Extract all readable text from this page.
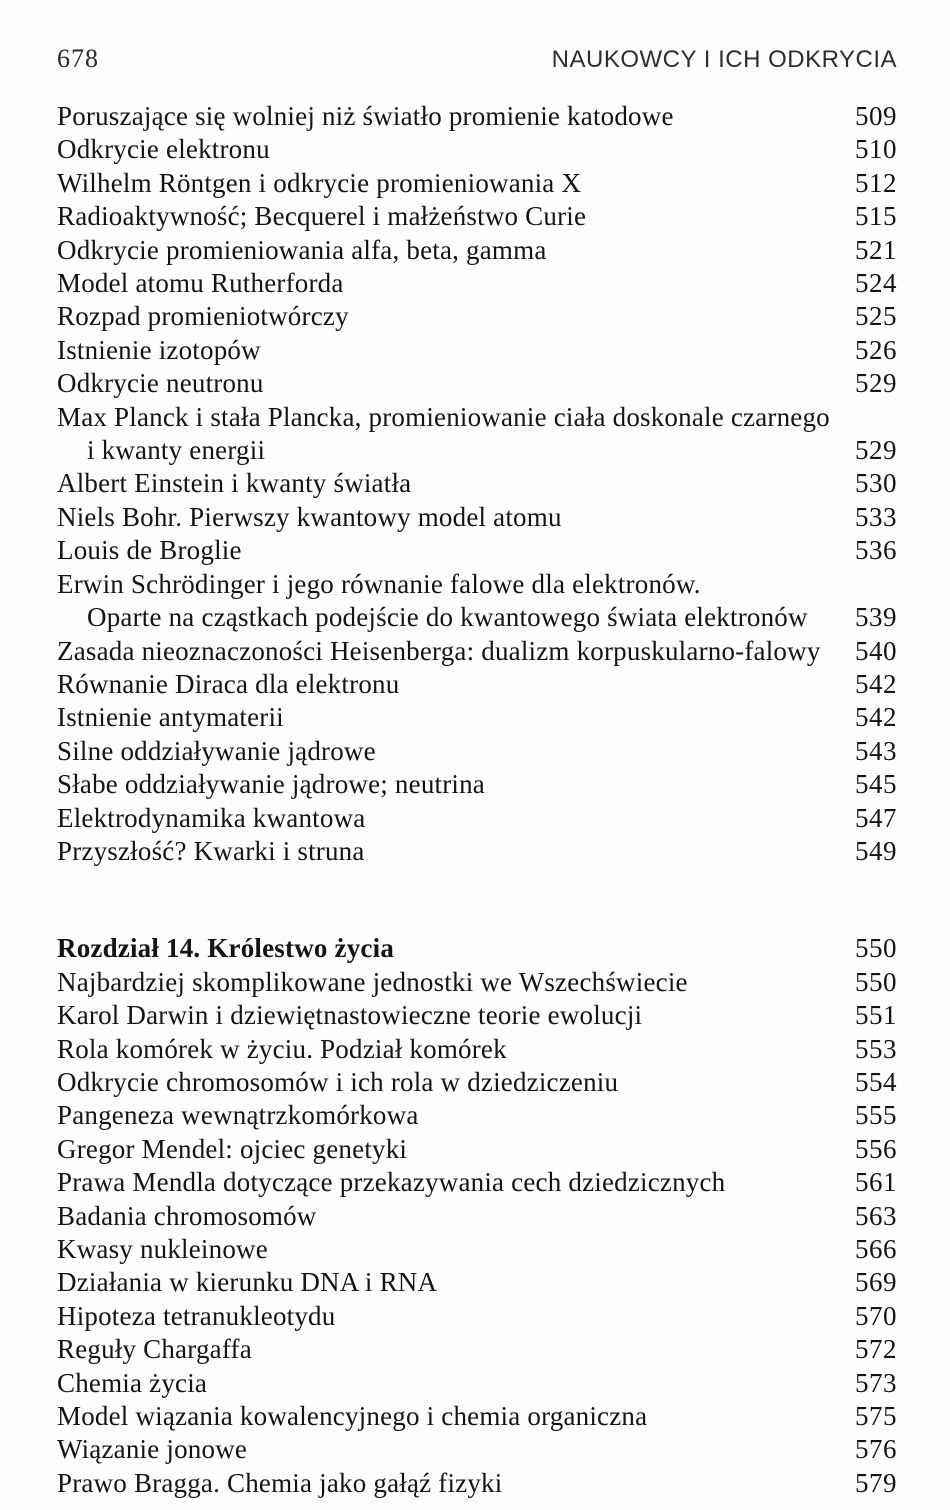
678	NAUKOWCY I ICH ODKRYCIA
Poruszające się wolniej niż światło promienie katodowe	509
Odkrycie elektronu	510
Wilhelm Röntgen i odkrycie promieniowania X	512
Radioaktywność; Becquerel i małżeństwo Curie	515
Odkrycie promieniowania alfa, beta, gamma	521
Model atomu Rutherforda	524
Rozpad promieniotwórczy	525
Istnienie izotopów	526
Odkrycie neutronu	529
Max Planck i stała Plancka, promieniowanie ciała doskonale czarnego
i kwanty energii	529
Albert Einstein i kwanty światła	530
Niels Bohr. Pierwszy kwantowy model atomu	533
Louis de Broglie	536
Erwin Schrödinger i jego równanie falowe dla elektronów.
Oparte na cząstkach podejście do kwantowego świata elektronów	539
Zasada nieoznaczoności Heisenberga: dualizm korpuskularno-falowy	540
Równanie Diraca dla elektronu	542
Istnienie antymaterii	542
Silne oddziaływanie jądrowe	543
Słabe oddziaływanie jądrowe; neutrina	545
Elektrodynamika kwantowa	547
Przyszłość? Kwarki i struna	549
Rozdział 14. Królestwo życia	550
Najbardziej skomplikowane jednostki we Wszechświecie	550
Karol Darwin i dziewiętnastowieczne teorie ewolucji	551
Rola komórek w życiu. Podział komórek	553
Odkrycie chromosomów i ich rola w dziedziczeniu	554
Pangeneza wewnątrzkomórkowa	555
Gregor Mendel: ojciec genetyki	556
Prawa Mendla dotyczące przekazywania cech dziedzicznych	561
Badania chromosomów	563
Kwasy nukleinowe	566
Działania w kierunku DNA i RNA	569
Hipoteza tetranukleotydu	570
Reguły Chargaffa	572
Chemia życia	573
Model wiązania kowalencyjnego i chemia organiczna	575
Wiązanie jonowe	576
Prawo Bragga. Chemia jako gałąź fizyki	579
